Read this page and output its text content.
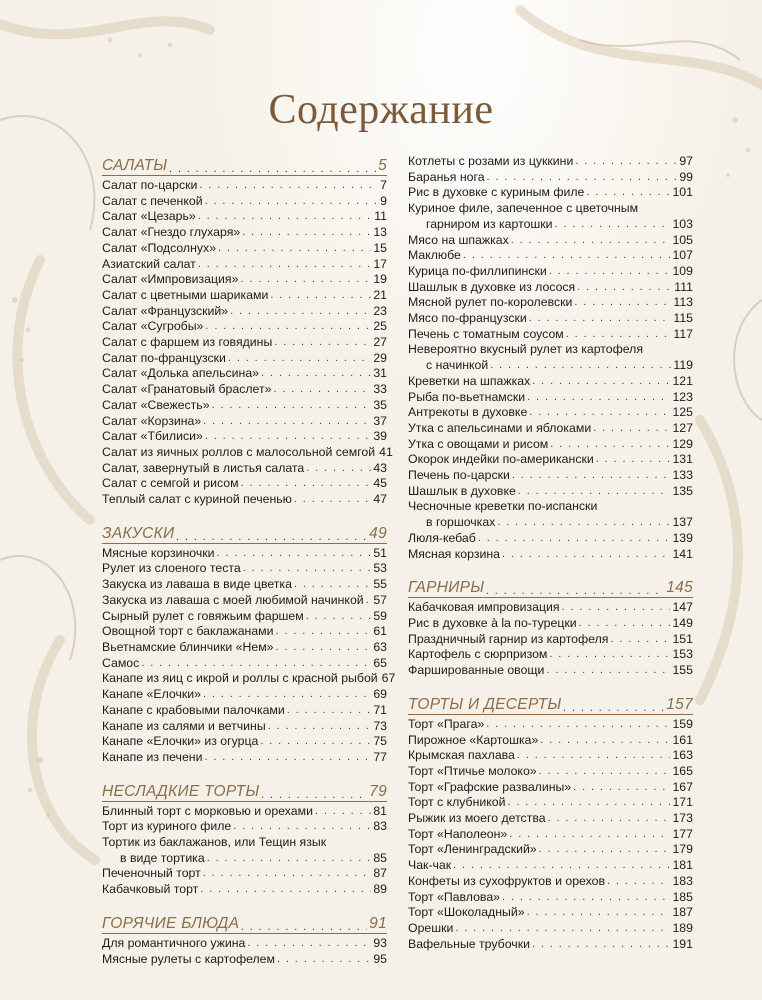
Содержание
САЛАТЫ . . .	5
Салат по-царски . . .	7
Салат с печенкой . . .	9
Салат «Цезарь» . . .	11
Салат «Гнездо глухаря» . . .	13
Салат «Подсолнух» . . .	15
Азиатский салат . . .	17
Салат «Импровизация» . . .	19
Салат с цветными шариками . . .	21
Салат «Французский» . . .	23
Салат «Сугробы» . . .	25
Салат с фаршем из говядины . . .	27
Салат по-французски . . .	29
Салат «Долька апельсина» . . .	31
Салат «Гранатовый браслет» . . .	33
Салат «Свежесть» . . .	35
Салат «Корзина» . . .	37
Салат «Тбилиси» . . .	39
Салат из яичных роллов с малосольной семгой 41
Салат, завернутый в листья салата . . .	43
Салат с семгой и рисом . . .	45
Теплый салат с куриной печенью . . .	47
ЗАКУСКИ . . .	49
Мясные корзиночки . . .	51
Рулет из слоеного теста . . .	53
Закуска из лаваша в виде цветка . . .	55
Закуска из лаваша с моей любимой начинкой . . . 57
Сырный рулет с говяжьим фаршем . . .	59
Овощной торт с баклажанами . . .	61
Вьетнамские блинчики «Нем» . . .	63
Самос . . .	65
Канапе из яиц с икрой и роллы с красной рыбой 67
Канапе «Елочки» . . .	69
Канапе с крабовыми палочками . . .	71
Канапе из салями и ветчины . . .	73
Канапе «Елочки» из огурца . . .	75
Канапе из печени . . .	77
НЕСЛАДКИЕ ТОРТЫ . . .	79
Блинный торт с морковью и орехами . . .	81
Торт из куриного филе . . .	83
Тортик из баклажанов, или Тещин язык
в виде тортика . . .	85
Печеночный торт . . .	87
Кабачковый торт . . .	89
ГОРЯЧИЕ БЛЮДА . . .	91
Для романтичного ужина . . .	93
Мясные рулеты с картофелем . . .	95
Котлеты с розами из цуккини . . .	97
Баранья нога . . .	99
Рис в духовке с куриным филе . . .	101
Куриное филе, запеченное с цветочным
гарниром из картошки . . .	103
Мясо на шпажках . . .	105
Маклюбе . . .	107
Курица по-филлипински . . .	109
Шашлык в духовке из лосося . . .	111
Мясной рулет по-королевски . . .	113
Мясо по-французски . . .	115
Печень с томатным соусом . . .	117
Невероятно вкусный рулет из картофеля
с начинкой . . .	119
Креветки на шпажках . . .	121
Рыба по-вьетнамски . . .	123
Антрекоты в духовке . . .	125
Утка с апельсинами и яблоками . . .	127
Утка с овощами и рисом . . .	129
Окорок индейки по-американски . . .	131
Печень по-царски . . .	133
Шашлык в духовке . . .	135
Чесночные креветки по-испански
в горшочках . . .	137
Люля-кебаб . . .	139
Мясная корзина . . .	141
ГАРНИРЫ . . .	145
Кабачковая импровизация . . .	147
Рис в духовке à la по-турецки . . .	149
Праздничный гарнир из картофеля . . .	151
Картофель с сюрпризом . . .	153
Фаршированные овощи . . .	155
ТОРТЫ И ДЕСЕРТЫ . . .	157
Торт «Прага» . . .	159
Пирожное «Картошка» . . .	161
Крымская пахлава . . .	163
Торт «Птичье молоко» . . .	165
Торт «Графские развалины» . . .	167
Торт с клубникой . . .	171
Рыжик из моего детства . . .	173
Торт «Наполеон» . . .	177
Торт «Ленинградский» . . .	179
Чак-чак . . .	181
Конфеты из сухофруктов и орехов . . .	183
Торт «Павлова» . . .	185
Торт «Шоколадный» . . .	187
Орешки . . .	189
Вафельные трубочки . . .	191
